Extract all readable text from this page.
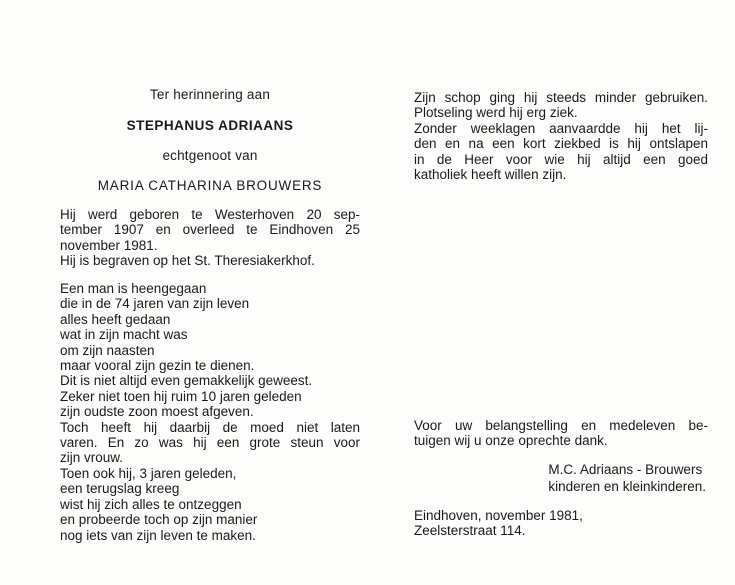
Ter herinnering aan
STEPHANUS ADRIAANS
echtgenoot van
MARIA CATHARINA BROUWERS
Hij werd geboren te Westerhoven 20 sep-
tember 1907 en overleed te Eindhoven 25
november 1981.
Hij is begraven op het St. Theresiakerkhof.
Een man is heengegaan
die in de 74 jaren van zijn leven
alles heeft gedaan
wat in zijn macht was
om zijn naasten
maar vooral zijn gezin te dienen.
Dit is niet altijd even gemakkelijk geweest.
Zeker niet toen hij ruim 10 jaren geleden
zijn oudste zoon moest afgeven.
Toch heeft hij daarbij de moed niet laten
varen. En zo was hij een grote steun voor
zijn vrouw.
Toen ook hij, 3 jaren geleden,
een terugslag kreeg
wist hij zich alles te ontzeggen
en probeerde toch op zijn manier
nog iets van zijn leven te maken.
Zijn schop ging hij steeds minder gebruiken.
Plotseling werd hij erg ziek.
Zonder weeklagen aanvaardde hij het lij-
den en na een kort ziekbed is hij ontslapen
in de Heer voor wie hij altijd een goed
katholiek heeft willen zijn.
Voor uw belangstelling en medeleven be-
tuigen wij u onze oprechte dank.
M.C. Adriaans - Brouwers
kinderen en kleinkinderen.
Eindhoven, november 1981,
Zeelsterstraat 114.
